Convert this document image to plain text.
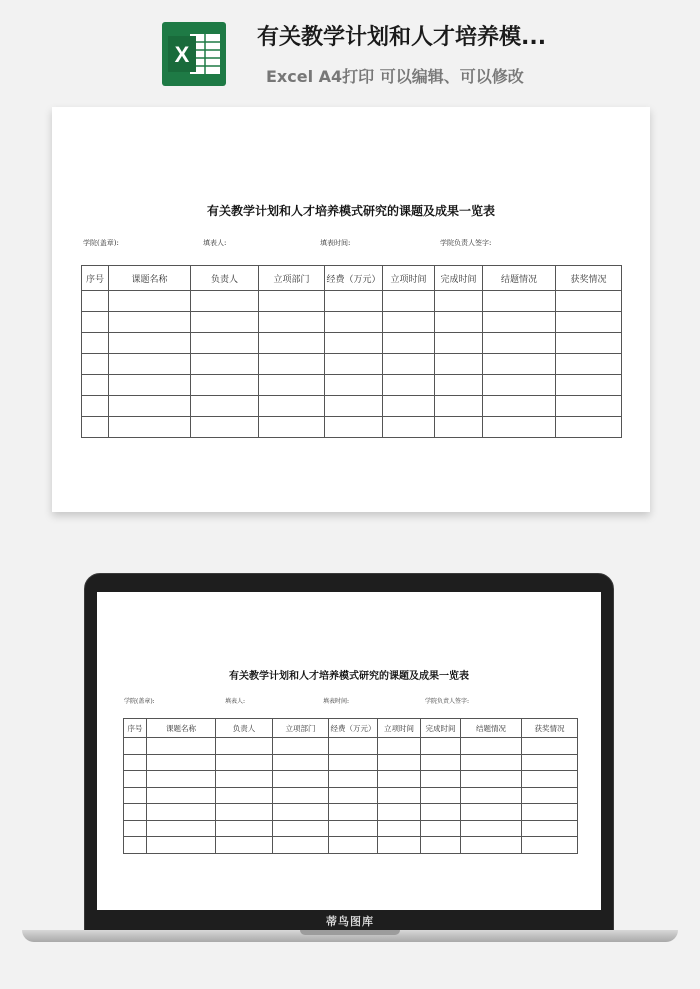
X
有关教学计划和人才培养模...
Excel A4打印 可以编辑、可以修改
有关教学计划和人才培养模式研究的课题及成果一览表
学院(盖章):	填表人:	填表时间:	学院负责人签字:
序号	课题名称	负责人	立项部门	经费（万元）	立项时间	完成时间	结题情况	获奖情况

有关教学计划和人才培养模式研究的课题及成果一览表
学院(盖章):	填表人:	填表时间:	学院负责人签字:
序号	课题名称	负责人	立项部门	经费（万元）	立项时间	完成时间	结题情况	获奖情况

蒂鸟图库
